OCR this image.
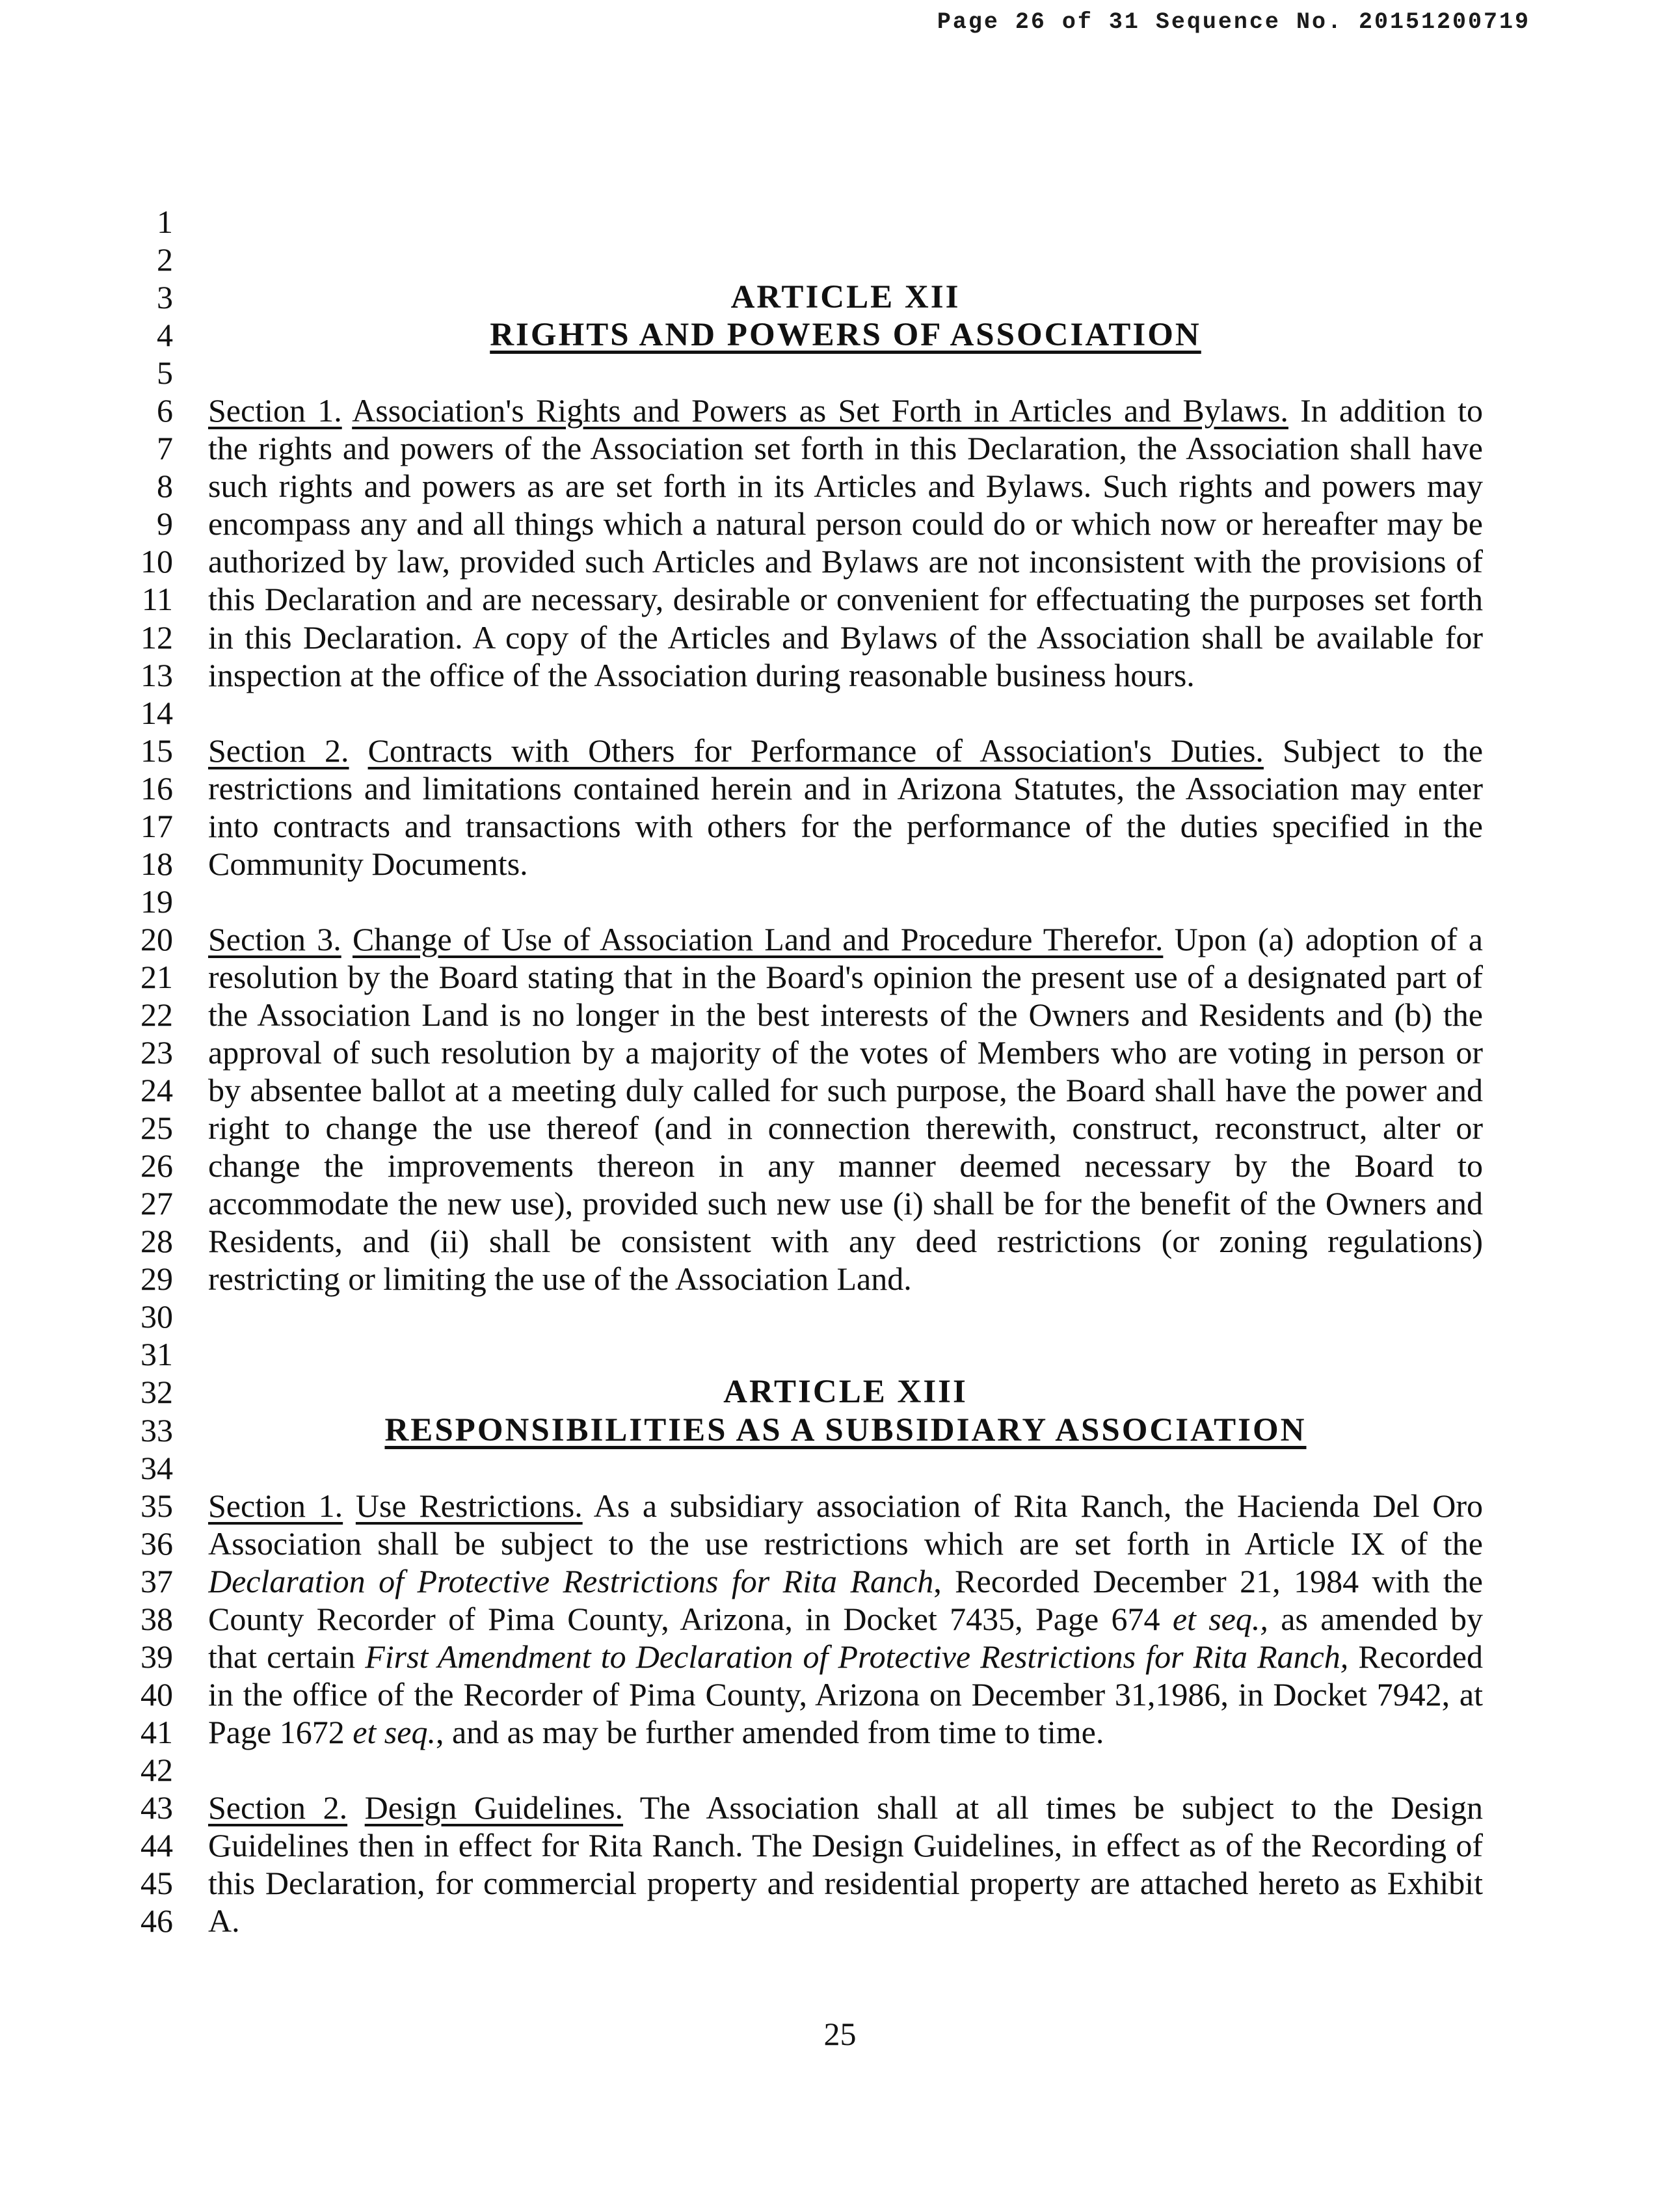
Page 26 of 31 Sequence No. 20151200719
1
2
3
4
5
6
7
8
9
10
11
12
13
14
15
16
17
18
19
20
21
22
23
24
25
26
27
28
29
30
31
32
33
34
35
36
37
38
39
40
41
42
43
44
45
46
ARTICLE XII
RIGHTS AND POWERS OF ASSOCIATION
Section 1. Association's Rights and Powers as Set Forth in Articles and Bylaws. In addition to
the rights and powers of the Association set forth in this Declaration, the Association shall have
such rights and powers as are set forth in its Articles and Bylaws. Such rights and powers may
encompass any and all things which a natural person could do or which now or hereafter may be
authorized by law, provided such Articles and Bylaws are not inconsistent with the provisions of
this Declaration and are necessary, desirable or convenient for effectuating the purposes set forth
in this Declaration. A copy of the Articles and Bylaws of the Association shall be available for
inspection at the office of the Association during reasonable business hours.
Section 2. Contracts with Others for Performance of Association's Duties. Subject to the
restrictions and limitations contained herein and in Arizona Statutes, the Association may enter
into contracts and transactions with others for the performance of the duties specified in the
Community Documents.
Section 3. Change of Use of Association Land and Procedure Therefor. Upon (a) adoption of a
resolution by the Board stating that in the Board's opinion the present use of a designated part of
the Association Land is no longer in the best interests of the Owners and Residents and (b) the
approval of such resolution by a majority of the votes of Members who are voting in person or
by absentee ballot at a meeting duly called for such purpose, the Board shall have the power and
right to change the use thereof (and in connection therewith, construct, reconstruct, alter or
change the improvements thereon in any manner deemed necessary by the Board to
accommodate the new use), provided such new use (i) shall be for the benefit of the Owners and
Residents, and (ii) shall be consistent with any deed restrictions (or zoning regulations)
restricting or limiting the use of the Association Land.
ARTICLE XIII
RESPONSIBILITIES AS A SUBSIDIARY ASSOCIATION
Section 1. Use Restrictions. As a subsidiary association of Rita Ranch, the Hacienda Del Oro
Association shall be subject to the use restrictions which are set forth in Article IX of the
Declaration of Protective Restrictions for Rita Ranch, Recorded December 21, 1984 with the
County Recorder of Pima County, Arizona, in Docket 7435, Page 674 et seq., as amended by
that certain First Amendment to Declaration of Protective Restrictions for Rita Ranch, Recorded
in the office of the Recorder of Pima County, Arizona on December 31,1986, in Docket 7942, at
Page 1672 et seq., and as may be further amended from time to time.
Section 2. Design Guidelines. The Association shall at all times be subject to the Design
Guidelines then in effect for Rita Ranch. The Design Guidelines, in effect as of the Recording of
this Declaration, for commercial property and residential property are attached hereto as Exhibit
A.
25
